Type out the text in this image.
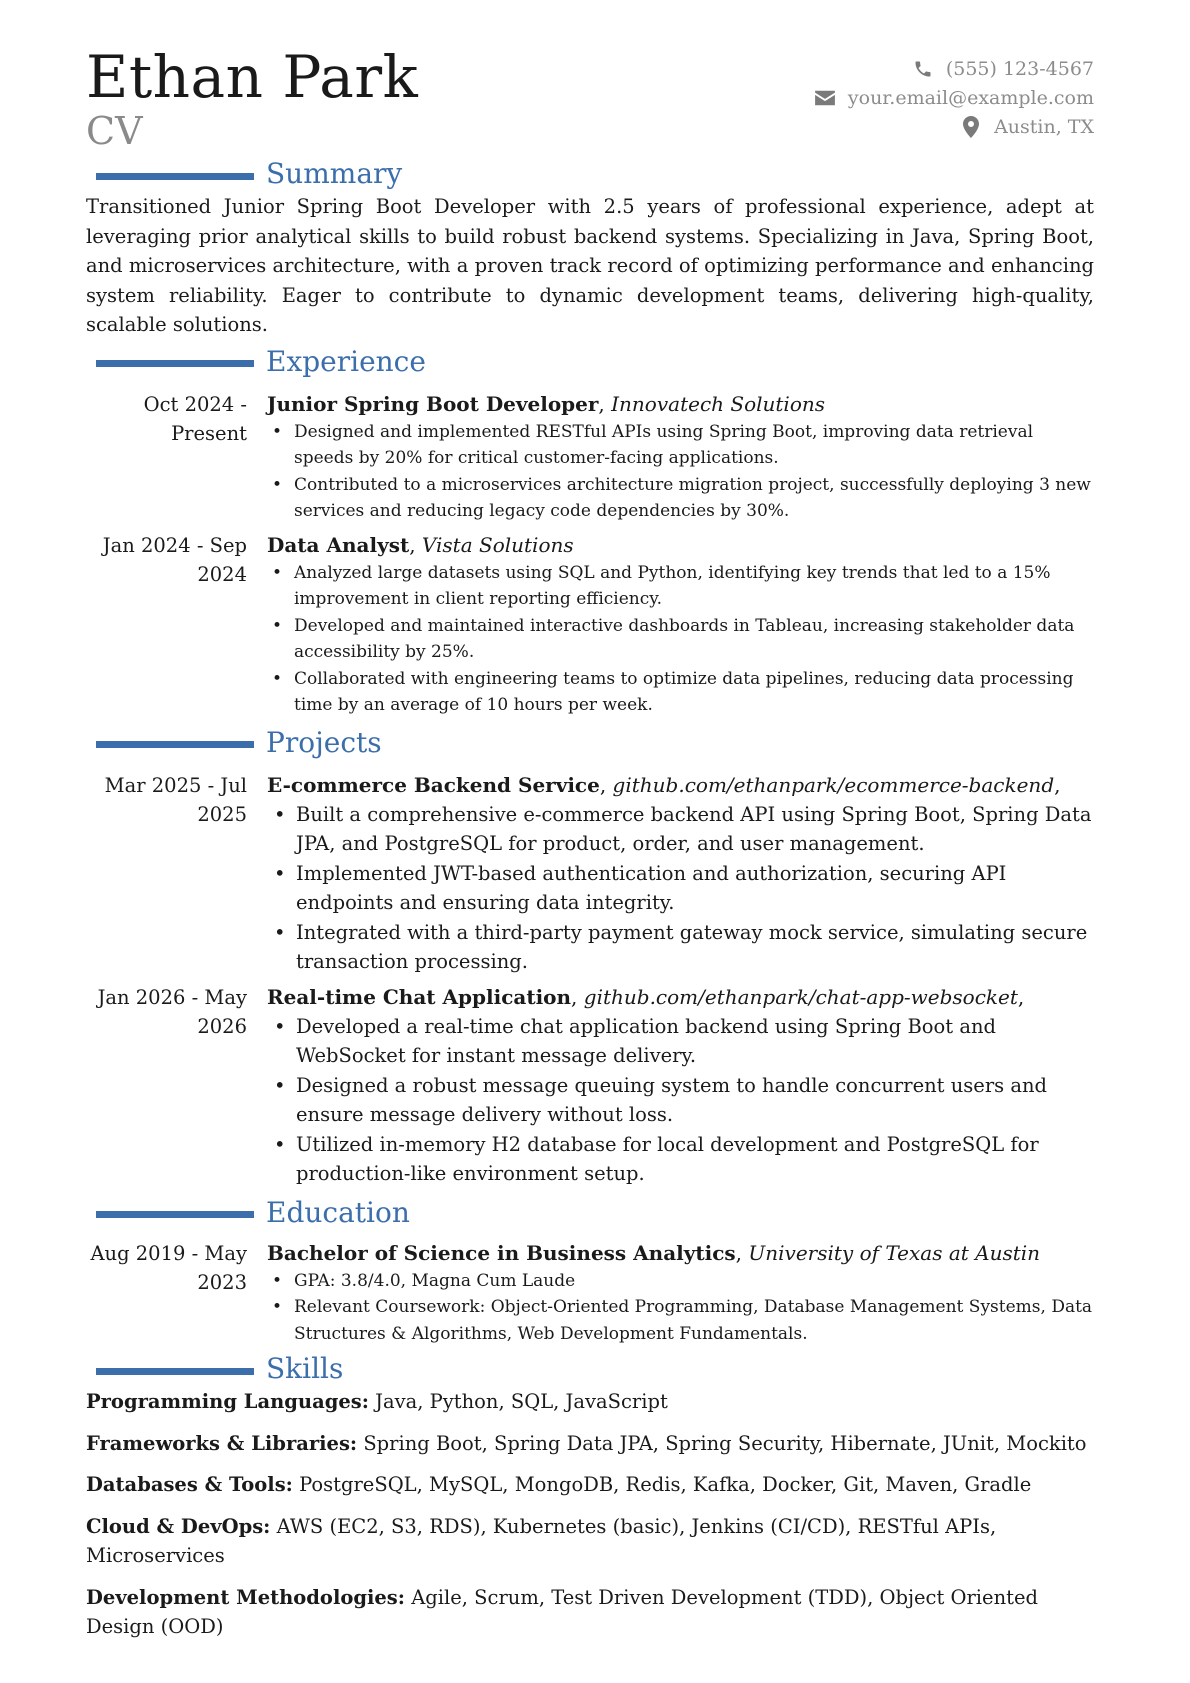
Ethan Park
CV
(555) 123-4567
your.email@example.com
Austin, TX
Summary

Transitioned Junior Spring Boot Developer with 2.5 years of professional experience, adept at leveraging prior analytical skills to build robust backend systems. Specializing in Java, Spring Boot, and microservices architecture, with a proven track record of optimizing performance and enhancing system reliability. Eager to contribute to dynamic development teams, delivering high-quality, scalable solutions.

Experience
Oct 2024 - Present
Junior Spring Boot Developer, Innovatech Solutions
• Designed and implemented RESTful APIs using Spring Boot, improving data retrieval speeds by 20% for critical customer-facing applications.
• Contributed to a microservices architecture migration project, successfully deploying 3 new services and reducing legacy code dependencies by 30%.
Jan 2024 - Sep 2024
Data Analyst, Vista Solutions
• Analyzed large datasets using SQL and Python, identifying key trends that led to a 15% improvement in client reporting efficiency.
• Developed and maintained interactive dashboards in Tableau, increasing stakeholder data accessibility by 25%.
• Collaborated with engineering teams to optimize data pipelines, reducing data processing time by an average of 10 hours per week.
Projects
Mar 2025 - Jul 2025
E-commerce Backend Service, github.com/ethanpark/ecommerce-backend,
• Built a comprehensive e-commerce backend API using Spring Boot, Spring Data JPA, and PostgreSQL for product, order, and user management.
• Implemented JWT-based authentication and authorization, securing API endpoints and ensuring data integrity.
• Integrated with a third-party payment gateway mock service, simulating secure transaction processing.
Jan 2026 - May 2026
Real-time Chat Application, github.com/ethanpark/chat-app-websocket,
• Developed a real-time chat application backend using Spring Boot and WebSocket for instant message delivery.
• Designed a robust message queuing system to handle concurrent users and ensure message delivery without loss.
• Utilized in-memory H2 database for local development and PostgreSQL for production-like environment setup.
Education
Aug 2019 - May 2023
Bachelor of Science in Business Analytics, University of Texas at Austin
• GPA: 3.8/4.0, Magna Cum Laude
• Relevant Coursework: Object-Oriented Programming, Database Management Systems, Data Structures & Algorithms, Web Development Fundamentals.
Skills

Programming Languages: Java, Python, SQL, JavaScript

Frameworks & Libraries: Spring Boot, Spring Data JPA, Spring Security, Hibernate, JUnit, Mockito

Databases & Tools: PostgreSQL, MySQL, MongoDB, Redis, Kafka, Docker, Git, Maven, Gradle

Cloud & DevOps: AWS (EC2, S3, RDS), Kubernetes (basic), Jenkins (CI/CD), RESTful APIs, Microservices

Development Methodologies: Agile, Scrum, Test Driven Development (TDD), Object Oriented Design (OOD)
